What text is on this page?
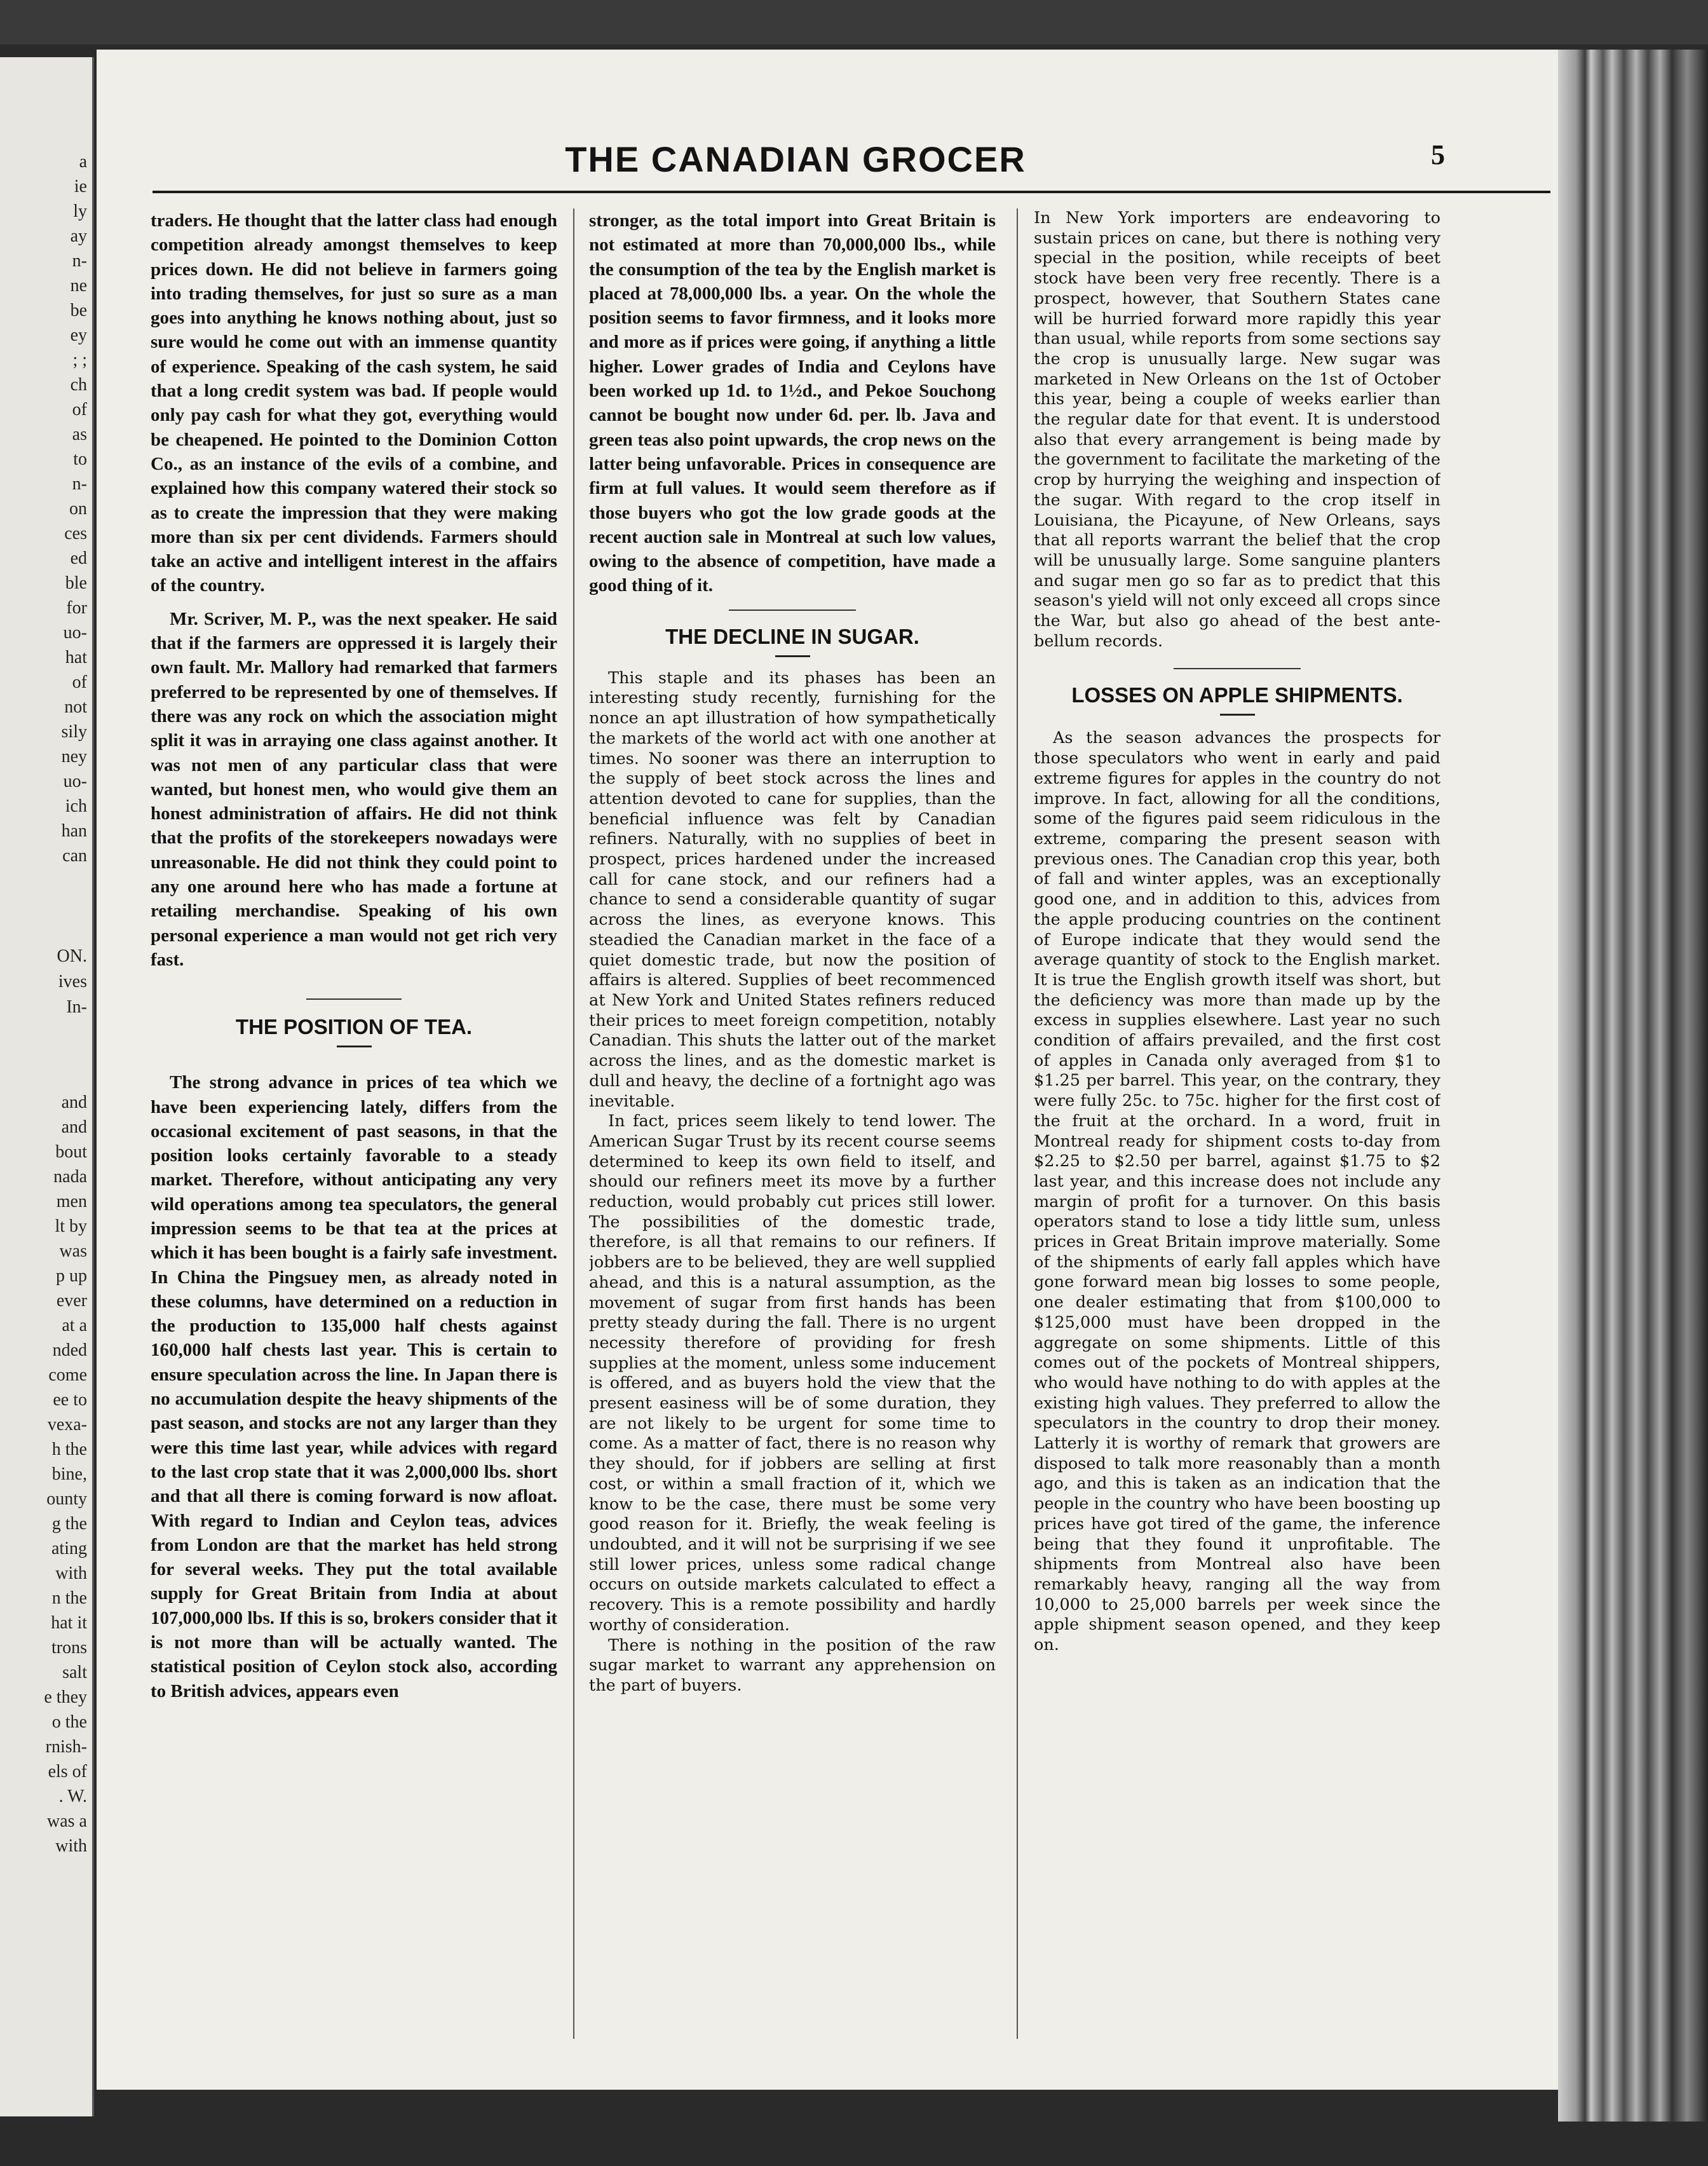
a
ie
ly
ay
n-
ne
be
ey
; ;
ch
of
as
to
n-
on
ces
ed
ble
for
uo-
hat
of
not
sily
ney
uo-
ich
han
can
ON.
ives
In-
and
and
bout
nada
men
lt by
was
p up
ever
at a
nded
come
ee to
vexa-
h the
bine,
ounty
g the
ating
with
n the
hat it
trons
salt
e they
o the
rnish-
els of
. W.
was a
with
THE CANADIAN GROCER	5

traders. He thought that the latter class had enough competition already amongst themselves to keep prices down. He did not believe in farmers going into trading themselves, for just so sure as a man goes into anything he knows nothing about, just so sure would he come out with an immense quantity of experience. Speaking of the cash system, he said that a long credit system was bad. If people would only pay cash for what they got, everything would be cheapened. He pointed to the Dominion Cotton Co., as an instance of the evils of a combine, and explained how this company watered their stock so as to create the impression that they were making more than six per cent dividends. Farmers should take an active and intelligent interest in the affairs of the country.

Mr. Scriver, M. P., was the next speaker. He said that if the farmers are oppressed it is largely their own fault. Mr. Mallory had remarked that farmers preferred to be represented by one of themselves. If there was any rock on which the association might split it was in arraying one class against another. It was not men of any particular class that were wanted, but honest men, who would give them an honest administration of affairs. He did not think that the profits of the storekeepers nowadays were unreasonable. He did not think they could point to any one around here who has made a fortune at retailing merchandise. Speaking of his own personal experience a man would not get rich very fast.

THE POSITION OF TEA.

The strong advance in prices of tea which we have been experiencing lately, differs from the occasional excitement of past seasons, in that the position looks certainly favorable to a steady market. Therefore, without anticipating any very wild operations among tea speculators, the general impression seems to be that tea at the prices at which it has been bought is a fairly safe investment. In China the Pingsuey men, as already noted in these columns, have determined on a reduction in the production to 135,000 half chests against 160,000 half chests last year. This is certain to ensure speculation across the line. In Japan there is no accumulation despite the heavy shipments of the past season, and stocks are not any larger than they were this time last year, while advices with regard to the last crop state that it was 2,000,000 lbs. short and that all there is coming forward is now afloat. With regard to Indian and Ceylon teas, advices from London are that the market has held strong for several weeks. They put the total available supply for Great Britain from India at about 107,000,000 lbs. If this is so, brokers consider that it is not more than will be actually wanted. The statistical position of Ceylon stock also, according to British advices, appears even

stronger, as the total import into Great Britain is not estimated at more than 70,000,000 lbs., while the consumption of the tea by the English market is placed at 78,000,000 lbs. a year. On the whole the position seems to favor firmness, and it looks more and more as if prices were going, if anything a little higher. Lower grades of India and Ceylons have been worked up 1d. to 1½d., and Pekoe Souchong cannot be bought now under 6d. per. lb. Java and green teas also point upwards, the crop news on the latter being unfavorable. Prices in consequence are firm at full values. It would seem therefore as if those buyers who got the low grade goods at the recent auction sale in Montreal at such low values, owing to the absence of competition, have made a good thing of it.

THE DECLINE IN SUGAR.

This staple and its phases has been an interesting study recently, furnishing for the nonce an apt illustration of how sympathetically the markets of the world act with one another at times. No sooner was there an interruption to the supply of beet stock across the lines and attention devoted to cane for supplies, than the beneficial influence was felt by Canadian refiners. Naturally, with no supplies of beet in prospect, prices hardened under the increased call for cane stock, and our refiners had a chance to send a considerable quantity of sugar across the lines, as everyone knows. This steadied the Canadian market in the face of a quiet domestic trade, but now the position of affairs is altered. Supplies of beet recommenced at New York and United States refiners reduced their prices to meet foreign competition, notably Canadian. This shuts the latter out of the market across the lines, and as the domestic market is dull and heavy, the decline of a fortnight ago was inevitable.

In fact, prices seem likely to tend lower. The American Sugar Trust by its recent course seems determined to keep its own field to itself, and should our refiners meet its move by a further reduction, would probably cut prices still lower. The possibilities of the domestic trade, therefore, is all that remains to our refiners. If jobbers are to be believed, they are well supplied ahead, and this is a natural assumption, as the movement of sugar from first hands has been pretty steady during the fall. There is no urgent necessity therefore of providing for fresh supplies at the moment, unless some inducement is offered, and as buyers hold the view that the present easiness will be of some duration, they are not likely to be urgent for some time to come. As a matter of fact, there is no reason why they should, for if jobbers are selling at first cost, or within a small fraction of it, which we know to be the case, there must be some very good reason for it. Briefly, the weak feeling is undoubted, and it will not be surprising if we see still lower prices, unless some radical change occurs on outside markets calculated to effect a recovery. This is a remote possibility and hardly worthy of consideration.

There is nothing in the position of the raw sugar market to warrant any apprehension on the part of buyers.

In New York importers are endeavoring to sustain prices on cane, but there is nothing very special in the position, while receipts of beet stock have been very free recently. There is a prospect, however, that Southern States cane will be hurried forward more rapidly this year than usual, while reports from some sections say the crop is unusually large. New sugar was marketed in New Orleans on the 1st of October this year, being a couple of weeks earlier than the regular date for that event. It is understood also that every arrangement is being made by the government to facilitate the marketing of the crop by hurrying the weighing and inspection of the sugar. With regard to the crop itself in Louisiana, the Picayune, of New Orleans, says that all reports warrant the belief that the crop will be unusually large. Some sanguine planters and sugar men go so far as to predict that this season's yield will not only exceed all crops since the War, but also go ahead of the best ante-bellum records.

LOSSES ON APPLE SHIPMENTS.

As the season advances the prospects for those speculators who went in early and paid extreme figures for apples in the country do not improve. In fact, allowing for all the conditions, some of the figures paid seem ridiculous in the extreme, comparing the present season with previous ones. The Canadian crop this year, both of fall and winter apples, was an exceptionally good one, and in addition to this, advices from the apple producing countries on the continent of Europe indicate that they would send the average quantity of stock to the English market. It is true the English growth itself was short, but the deficiency was more than made up by the excess in supplies elsewhere. Last year no such condition of affairs prevailed, and the first cost of apples in Canada only averaged from $1 to $1.25 per barrel. This year, on the contrary, they were fully 25c. to 75c. higher for the first cost of the fruit at the orchard. In a word, fruit in Montreal ready for shipment costs to-day from $2.25 to $2.50 per barrel, against $1.75 to $2 last year, and this increase does not include any margin of profit for a turnover. On this basis operators stand to lose a tidy little sum, unless prices in Great Britain improve materially. Some of the shipments of early fall apples which have gone forward mean big losses to some people, one dealer estimating that from $100,000 to $125,000 must have been dropped in the aggregate on some shipments. Little of this comes out of the pockets of Montreal shippers, who would have nothing to do with apples at the existing high values. They preferred to allow the speculators in the country to drop their money. Latterly it is worthy of remark that growers are disposed to talk more reasonably than a month ago, and this is taken as an indication that the people in the country who have been boosting up prices have got tired of the game, the inference being that they found it unprofitable. The shipments from Montreal also have been remarkably heavy, ranging all the way from 10,000 to 25,000 barrels per week since the apple shipment season opened, and they keep on.
